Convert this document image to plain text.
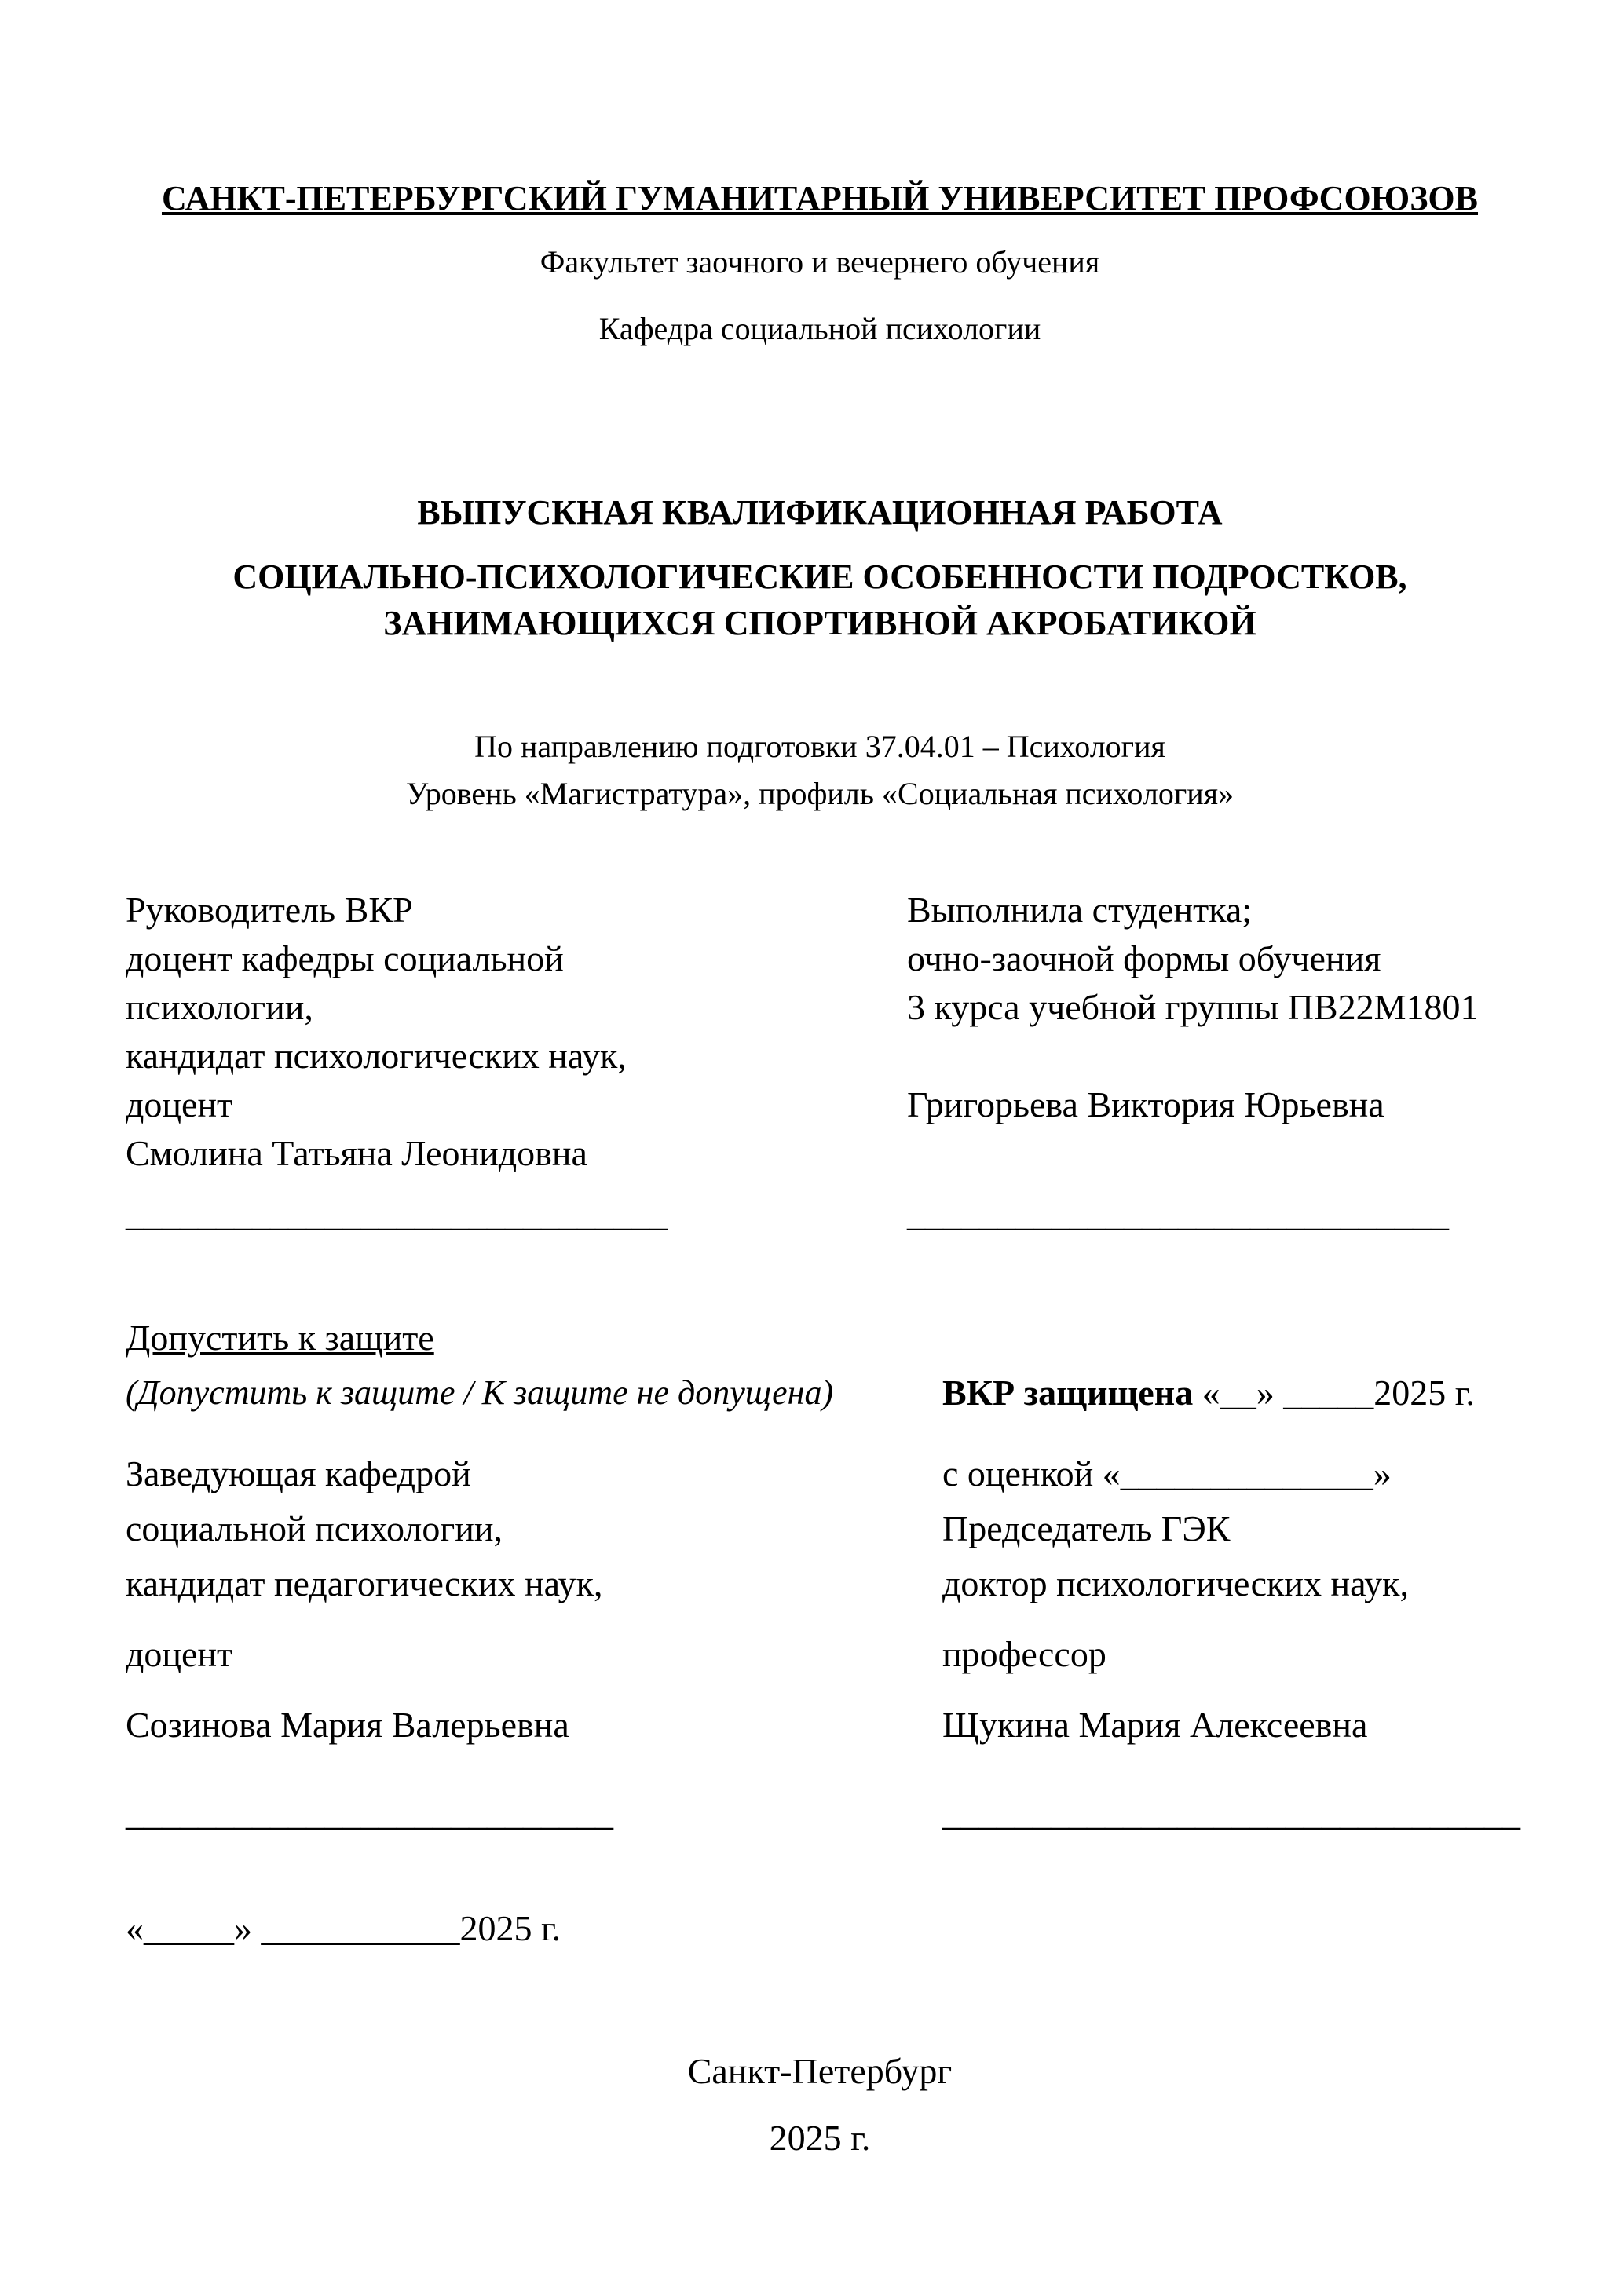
САНКТ-ПЕТЕРБУРГСКИЙ ГУМАНИТАРНЫЙ УНИВЕРСИТЕТ ПРОФСОЮЗОВ
Факультет заочного и вечернего обучения
Кафедра социальной психологии
ВЫПУСКНАЯ КВАЛИФИКАЦИОННАЯ РАБОТА
СОЦИАЛЬНО-ПСИХОЛОГИЧЕСКИЕ ОСОБЕННОСТИ ПОДРОСТКОВ, ЗАНИМАЮЩИХСЯ СПОРТИВНОЙ АКРОБАТИКОЙ
По направлению подготовки 37.04.01 – Психология
Уровень «Магистратура», профиль «Социальная психология»
Руководитель ВКР	Выполнила студентка;
доцент кафедры социальной	очно-заочной формы обучения
психологии,	3 курса учебной группы ПВ22М1801
кандидат психологических наук,
доцент	Григорьева Виктория Юрьевна
Смолина Татьяна Леонидовна
______________________________	______________________________
Допустить к защите
(Допустить к защите / К защите не допущена)	ВКР защищена «__» _____2025 г.
Заведующая кафедрой	с оценкой «______________»
социальной психологии,	Председатель ГЭК
кандидат педагогических наук,	доктор психологических наук,
доцент	профессор
Созинова Мария Валерьевна	Щукина Мария Алексеевна
___________________________	________________________________
«_____» ___________2025 г.
Санкт-Петербург
2025 г.
